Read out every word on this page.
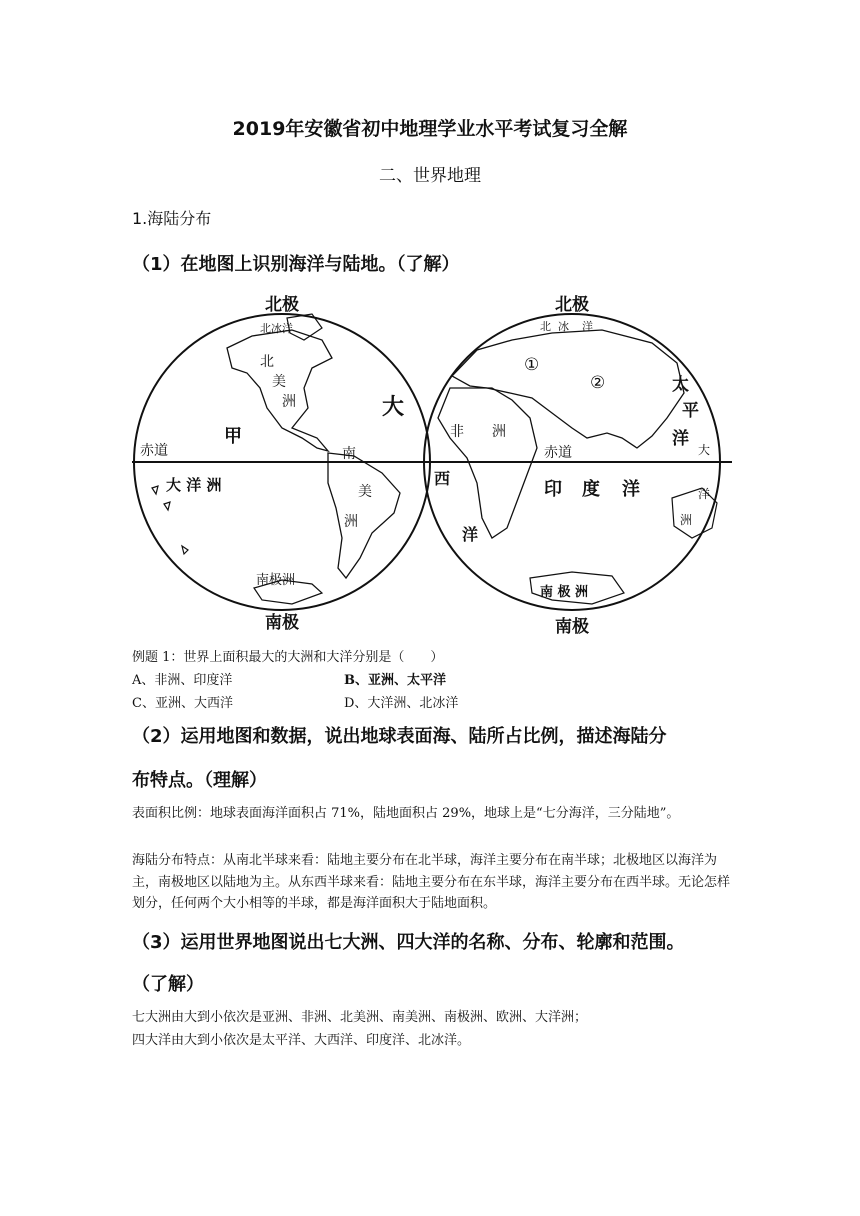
2019年安徽省初中地理学业水平考试复习全解
二、世界地理
1.海陆分布
（1）在地图上识别海洋与陆地。（了解）
北极
南极
赤道
北冰洋
北
美
洲
南
美
洲
大 洋 洲
南极洲
甲
大
北极
南极
赤道
北 冰 洋
①
②
非 洲
西
洋
印 度 洋
太
平
洋
大
洋
洲
南 极 洲
例题 1：世界上面积最大的大洲和大洋分别是（　　）
A、非洲、印度洋	B、亚洲、太平洋
C、亚洲、大西洋	D、大洋洲、北冰洋
（2）运用地图和数据，说出地球表面海、陆所占比例，描述海陆分
布特点。（理解）
表面积比例：地球表面海洋面积占 71%，陆地面积占 29%，地球上是“七分海洋，三分陆地”。
海陆分布特点：从南北半球来看：陆地主要分布在北半球，海洋主要分布在南半球；北极地区以海洋为主，南极地区以陆地为主。从东西半球来看：陆地主要分布在东半球，海洋主要分布在西半球。无论怎样划分，任何两个大小相等的半球，都是海洋面积大于陆地面积。
（3）运用世界地图说出七大洲、四大洋的名称、分布、轮廓和范围。
（了解）
七大洲由大到小依次是亚洲、非洲、北美洲、南美洲、南极洲、欧洲、大洋洲；
四大洋由大到小依次是太平洋、大西洋、印度洋、北冰洋。
